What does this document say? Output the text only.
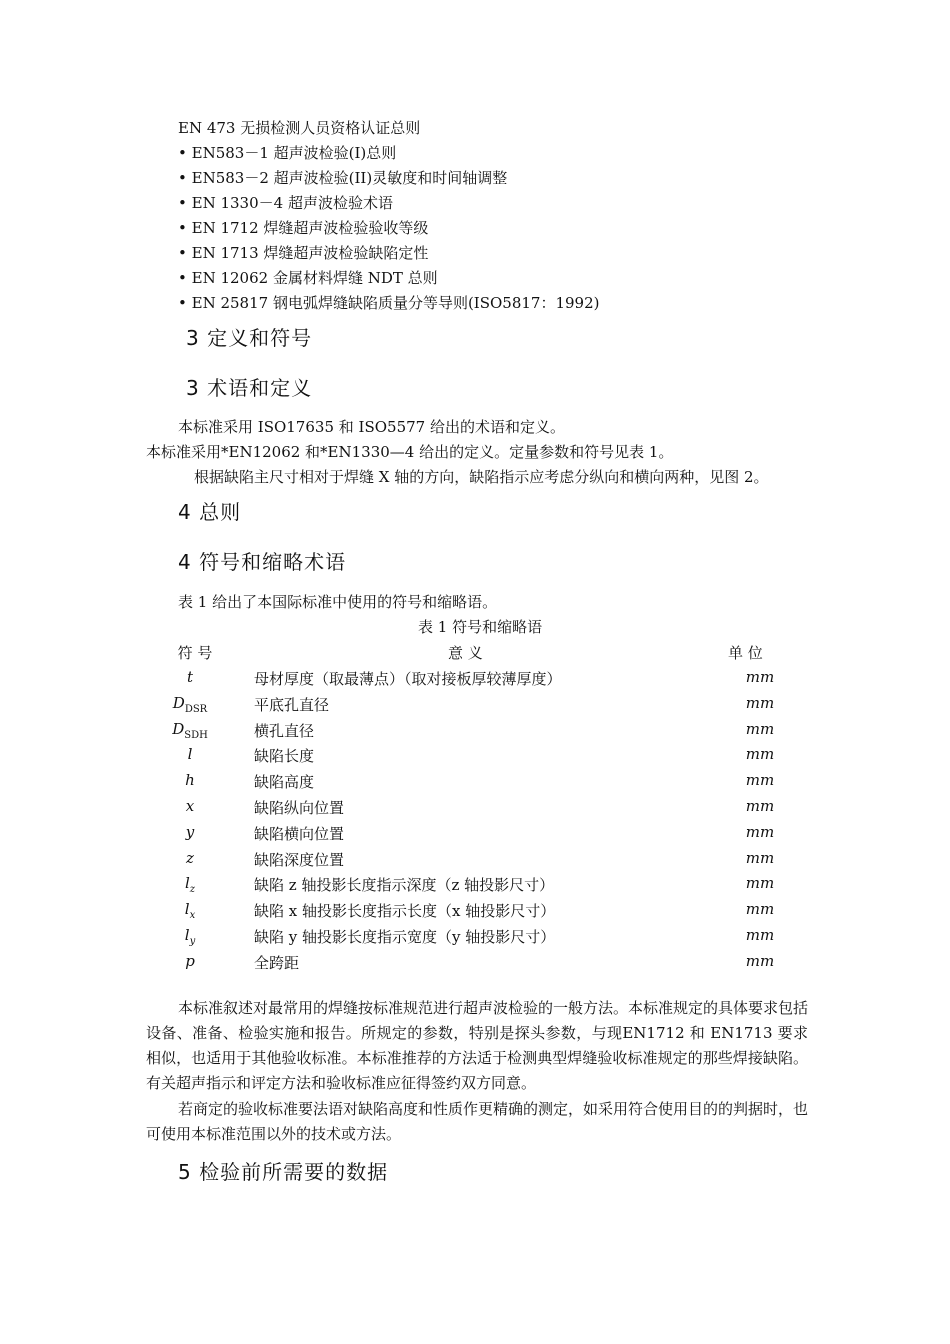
EN 473 无损检测人员资格认证总则
• EN583－1 超声波检验(I)总则
• EN583－2 超声波检验(II)灵敏度和时间轴调整
• EN 1330－4 超声波检验术语
• EN 1712 焊缝超声波检验验收等级
• EN 1713 焊缝超声波检验缺陷定性
• EN 12062 金属材料焊缝 NDT 总则
• EN 25817 钢电弧焊缝缺陷质量分等导则(ISO5817：1992)
3 定义和符号
3 术语和定义
本标准采用 ISO17635 和 ISO5577 给出的术语和定义。
本标准采用*EN12062 和*EN1330—4 给出的定义。定量参数和符号见表 1。
根据缺陷主尺寸相对于焊缝 X 轴的方向，缺陷指示应考虑分纵向和横向两种，见图 2。
4 总则
4 符号和缩略术语
表 1 给出了本国际标准中使用的符号和缩略语。
表 1 符号和缩略语
符 号	意 义	单 位
t	母材厚度（取最薄点）（取对接板厚较薄厚度）	mm
$D_{DSR}$	平底孔直径	mm
$D_{SDH}$	横孔直径	mm
l	缺陷长度	mm
h	缺陷高度	mm
x	缺陷纵向位置	mm
y	缺陷横向位置	mm
z	缺陷深度位置	mm
$l_z$	缺陷 z 轴投影长度指示深度（z 轴投影尺寸）	mm
$l_x$	缺陷 x 轴投影长度指示长度（x 轴投影尺寸）	mm
$l_y$	缺陷 y 轴投影长度指示宽度（y 轴投影尺寸）	mm
p	全跨距	mm
本标准叙述对最常用的焊缝按标准规范进行超声波检验的一般方法。本标准规定的具体要求包括设备、准备、检验实施和报告。所规定的参数，特别是探头参数，与现EN1712 和 EN1713 要求相似，也适用于其他验收标准。本标准推荐的方法适于检测典型焊缝验收标准规定的那些焊接缺陷。有关超声指示和评定方法和验收标准应征得签约双方同意。
若商定的验收标准要法语对缺陷高度和性质作更精确的测定，如采用符合使用目的的判据时，也可使用本标准范围以外的技术或方法。
5 检验前所需要的数据
